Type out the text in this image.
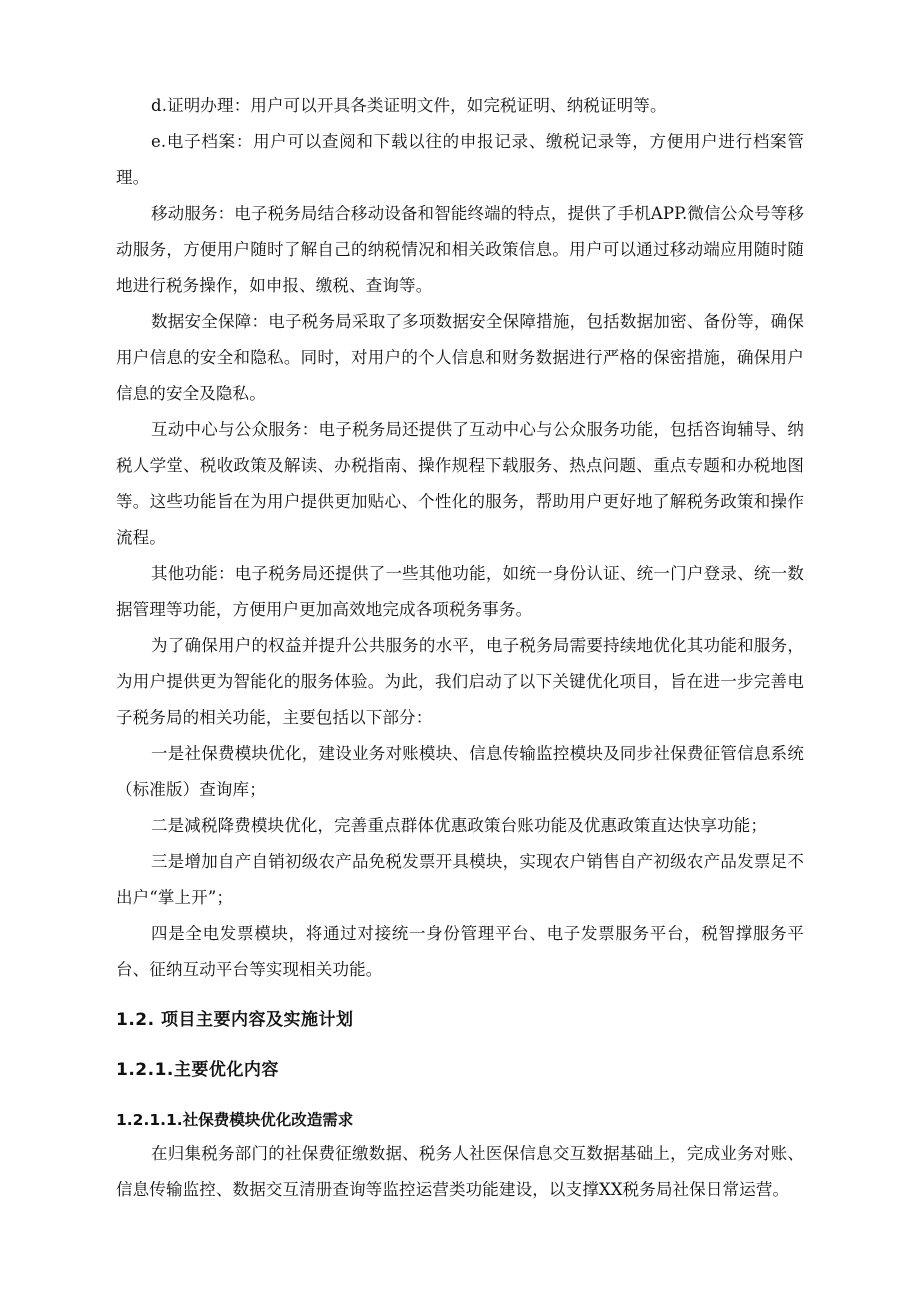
d.证明办理：用户可以开具各类证明文件，如完税证明、纳税证明等。

e.电子档案：用户可以查阅和下载以往的申报记录、缴税记录等，方便用户进行档案管理。

移动服务：电子税务局结合移动设备和智能终端的特点，提供了手机APP.微信公众号等移动服务，方便用户随时了解自己的纳税情况和相关政策信息。用户可以通过移动端应用随时随地进行税务操作，如申报、缴税、查询等。

数据安全保障：电子税务局采取了多项数据安全保障措施，包括数据加密、备份等，确保用户信息的安全和隐私。同时，对用户的个人信息和财务数据进行严格的保密措施，确保用户信息的安全及隐私。

互动中心与公众服务：电子税务局还提供了互动中心与公众服务功能，包括咨询辅导、纳税人学堂、税收政策及解读、办税指南、操作规程下载服务、热点问题、重点专题和办税地图等。这些功能旨在为用户提供更加贴心、个性化的服务，帮助用户更好地了解税务政策和操作流程。

其他功能：电子税务局还提供了一些其他功能，如统一身份认证、统一门户登录、统一数据管理等功能，方便用户更加高效地完成各项税务事务。

为了确保用户的权益并提升公共服务的水平，电子税务局需要持续地优化其功能和服务，为用户提供更为智能化的服务体验。为此，我们启动了以下关键优化项目，旨在进一步完善电子税务局的相关功能，主要包括以下部分：

一是社保费模块优化，建设业务对账模块、信息传输监控模块及同步社保费征管信息系统（标准版）查询库；

二是减税降费模块优化，完善重点群体优惠政策台账功能及优惠政策直达快享功能；

三是增加自产自销初级农产品免税发票开具模块，实现农户销售自产初级农产品发票足不出户“掌上开”；

四是全电发票模块，将通过对接统一身份管理平台、电子发票服务平台，税智撑服务平台、征纳互动平台等实现相关功能。

1.2. 项目主要内容及实施计划
1.2.1.主要优化内容
1.2.1.1.社保费模块优化改造需求

在归集税务部门的社保费征缴数据、税务人社医保信息交互数据基础上，完成业务对账、信息传输监控、数据交互清册查询等监控运营类功能建设，以支撑XX税务局社保日常运营。
